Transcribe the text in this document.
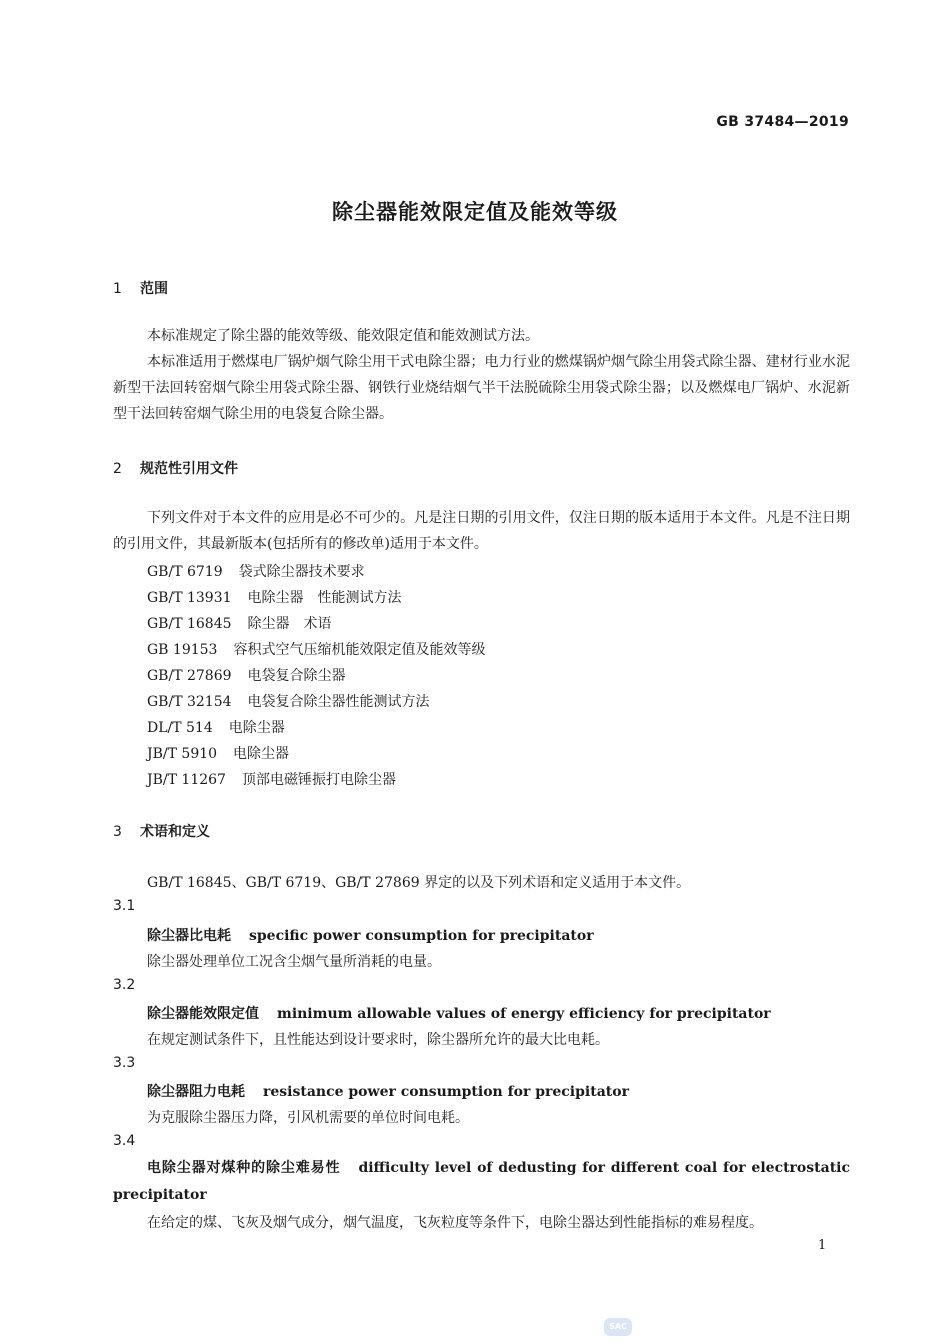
GB 37484—2019
除尘器能效限定值及能效等级
1 范围
本标准规定了除尘器的能效等级、能效限定值和能效测试方法。
本标准适用于燃煤电厂锅炉烟气除尘用干式电除尘器；电力行业的燃煤锅炉烟气除尘用袋式除尘器、建材行业水泥新型干法回转窑烟气除尘用袋式除尘器、钢铁行业烧结烟气半干法脱硫除尘用袋式除尘器；以及燃煤电厂锅炉、水泥新型干法回转窑烟气除尘用的电袋复合除尘器。
2 规范性引用文件
下列文件对于本文件的应用是必不可少的。凡是注日期的引用文件，仅注日期的版本适用于本文件。凡是不注日期的引用文件，其最新版本(包括所有的修改单)适用于本文件。
GB/T 6719 袋式除尘器技术要求
GB/T 13931 电除尘器　性能测试方法
GB/T 16845 除尘器　术语
GB 19153 容积式空气压缩机能效限定值及能效等级
GB/T 27869 电袋复合除尘器
GB/T 32154 电袋复合除尘器性能测试方法
DL/T 514 电除尘器
JB/T 5910 电除尘器
JB/T 11267 顶部电磁锤振打电除尘器
3 术语和定义
GB/T 16845、GB/T 6719、GB/T 27869 界定的以及下列术语和定义适用于本文件。
3.1
除尘器比电耗 specific power consumption for precipitator
除尘器处理单位工况含尘烟气量所消耗的电量。
3.2
除尘器能效限定值 minimum allowable values of energy efficiency for precipitator
在规定测试条件下，且性能达到设计要求时，除尘器所允许的最大比电耗。
3.3
除尘器阻力电耗 resistance power consumption for precipitator
为克服除尘器压力降，引风机需要的单位时间电耗。
3.4
电除尘器对煤种的除尘难易性 difficulty level of dedusting for different coal for electrostatic precipitator
在给定的煤、飞灰及烟气成分，烟气温度，飞灰粒度等条件下，电除尘器达到性能指标的难易程度。
1
SAC
